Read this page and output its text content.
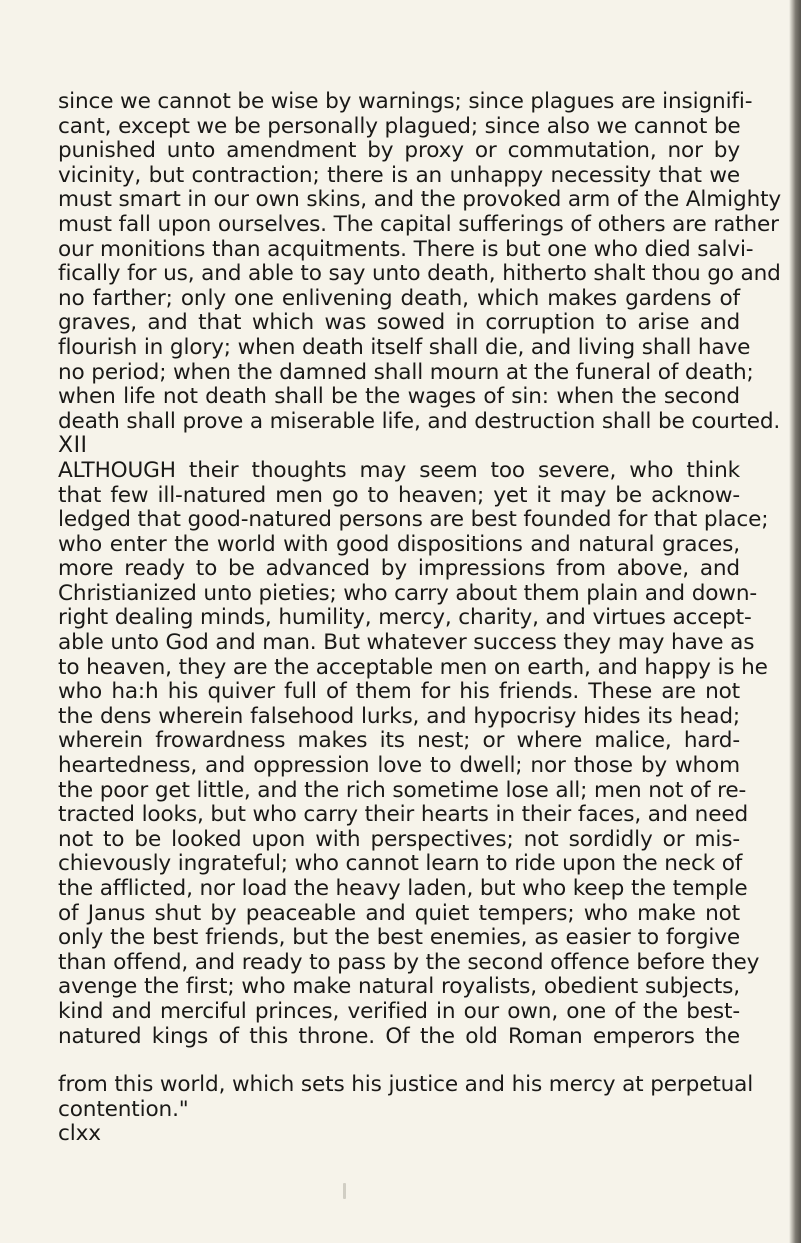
since we cannot be wise by warnings; since plagues are insignifi-
cant, except we be personally plagued; since also we cannot be
punished unto amendment by proxy or commutation, nor by
vicinity, but contraction; there is an unhappy necessity that we
must smart in our own skins, and the provoked arm of the Almighty
must fall upon ourselves. The capital sufferings of others are rather
our monitions than acquitments. There is but one who died salvi-
fically for us, and able to say unto death, hitherto shalt thou go and
no farther; only one enlivening death, which makes gardens of
graves, and that which was sowed in corruption to arise and
flourish in glory; when death itself shall die, and living shall have
no period; when the damned shall mourn at the funeral of death;
when life not death shall be the wages of sin: when the second
death shall prove a miserable life, and destruction shall be courted.
XII
ALTHOUGH their thoughts may seem too severe, who think
that few ill-natured men go to heaven; yet it may be acknow-
ledged that good-natured persons are best founded for that place;
who enter the world with good dispositions and natural graces,
more ready to be advanced by impressions from above, and
Christianized unto pieties; who carry about them plain and down-
right dealing minds, humility, mercy, charity, and virtues accept-
able unto God and man. But whatever success they may have as
to heaven, they are the acceptable men on earth, and happy is he
who ha:h his quiver full of them for his friends. These are not
the dens wherein falsehood lurks, and hypocrisy hides its head;
wherein frowardness makes its nest; or where malice, hard-
heartedness, and oppression love to dwell; nor those by whom
the poor get little, and the rich sometime lose all; men not of re-
tracted looks, but who carry their hearts in their faces, and need
not to be looked upon with perspectives; not sordidly or mis-
chievously ingrateful; who cannot learn to ride upon the neck of
the afflicted, nor load the heavy laden, but who keep the temple
of Janus shut by peaceable and quiet tempers; who make not
only the best friends, but the best enemies, as easier to forgive
than offend, and ready to pass by the second offence before they
avenge the first; who make natural royalists, obedient subjects,
kind and merciful princes, verified in our own, one of the best-
natured kings of this throne. Of the old Roman emperors the
from this world, which sets his justice and his mercy at perpetual
contention."
clxx
